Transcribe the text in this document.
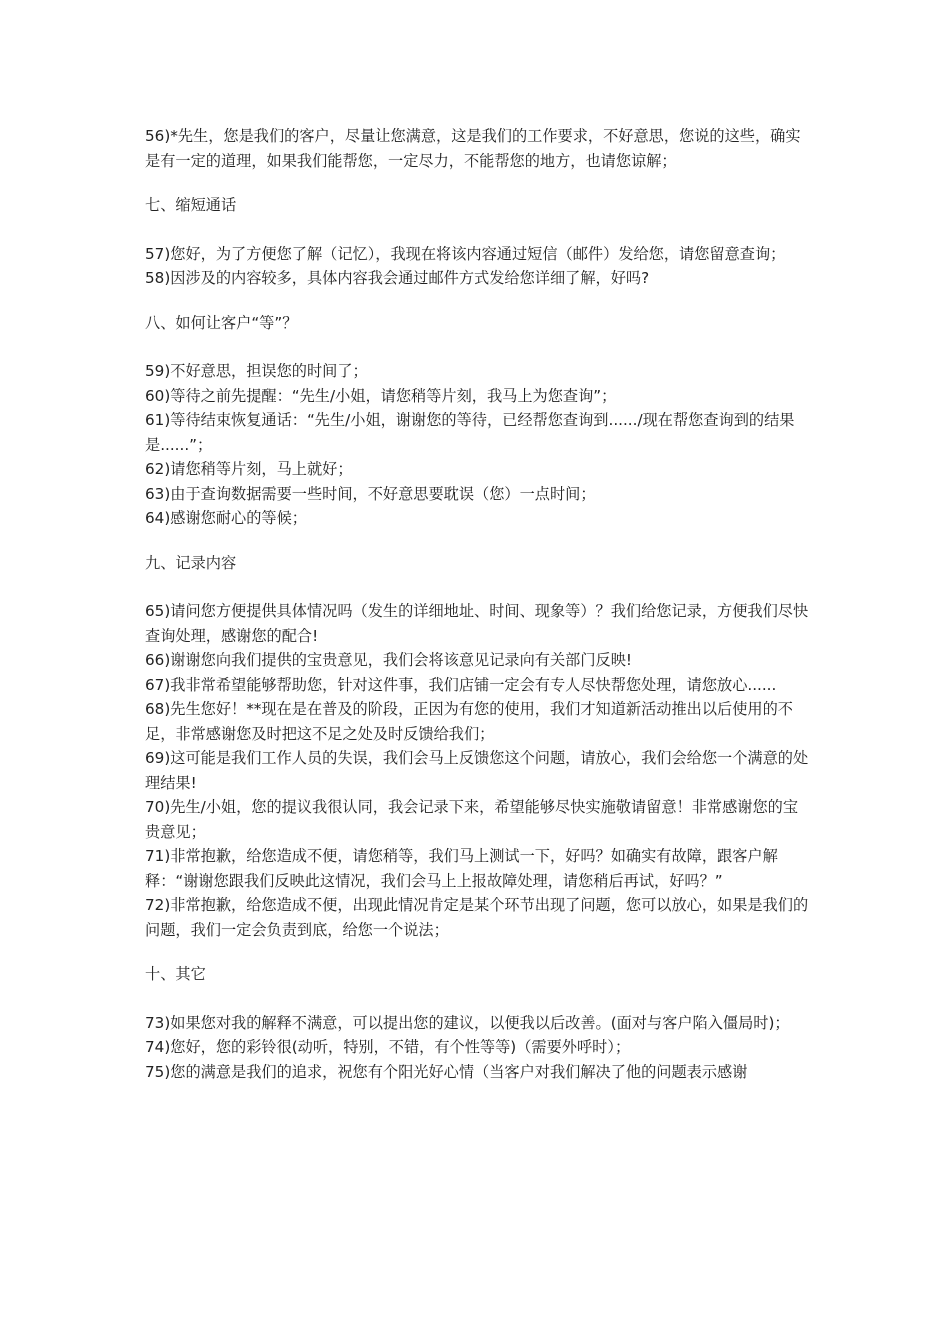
56)*先生，您是我们的客户，尽量让您满意，这是我们的工作要求，不好意思，您说的这些，确实是有一定的道理，如果我们能帮您，一定尽力，不能帮您的地方，也请您谅解；

七、缩短通话

57)您好，为了方便您了解（记忆），我现在将该内容通过短信（邮件）发给您，请您留意查询；

58)因涉及的内容较多，具体内容我会通过邮件方式发给您详细了解，好吗?

八、如何让客户“等”？

59)不好意思，担误您的时间了；

60)等待之前先提醒：“先生/小姐，请您稍等片刻，我马上为您查询”；

61)等待结束恢复通话：“先生/小姐，谢谢您的等待，已经帮您查询到....../现在帮您查询到的结果是......”；

62)请您稍等片刻，马上就好；

63)由于查询数据需要一些时间，不好意思要耽误（您）一点时间；

64)感谢您耐心的等候；

九、记录内容

65)请问您方便提供具体情况吗（发生的详细地址、时间、现象等）？我们给您记录，方便我们尽快查询处理，感谢您的配合!

66)谢谢您向我们提供的宝贵意见，我们会将该意见记录向有关部门反映!

67)我非常希望能够帮助您，针对这件事，我们店铺一定会有专人尽快帮您处理，请您放心......

68)先生您好！**现在是在普及的阶段，正因为有您的使用，我们才知道新活动推出以后使用的不足，非常感谢您及时把这不足之处及时反馈给我们；

69)这可能是我们工作人员的失误，我们会马上反馈您这个问题，请放心，我们会给您一个满意的处理结果!

70)先生/小姐，您的提议我很认同，我会记录下来，希望能够尽快实施敬请留意！非常感谢您的宝贵意见；

71)非常抱歉，给您造成不便，请您稍等，我们马上测试一下，好吗？如确实有故障，跟客户解释：“谢谢您跟我们反映此这情况，我们会马上上报故障处理，请您稍后再试，好吗？”

72)非常抱歉，给您造成不便，出现此情况肯定是某个环节出现了问题，您可以放心，如果是我们的问题，我们一定会负责到底，给您一个说法；

十、其它

73)如果您对我的解释不满意，可以提出您的建议，以便我以后改善。(面对与客户陷入僵局时)；

74)您好，您的彩铃很(动听，特别，不错，有个性等等)（需要外呼时）；

75)您的满意是我们的追求，祝您有个阳光好心情（当客户对我们解决了他的问题表示感谢
